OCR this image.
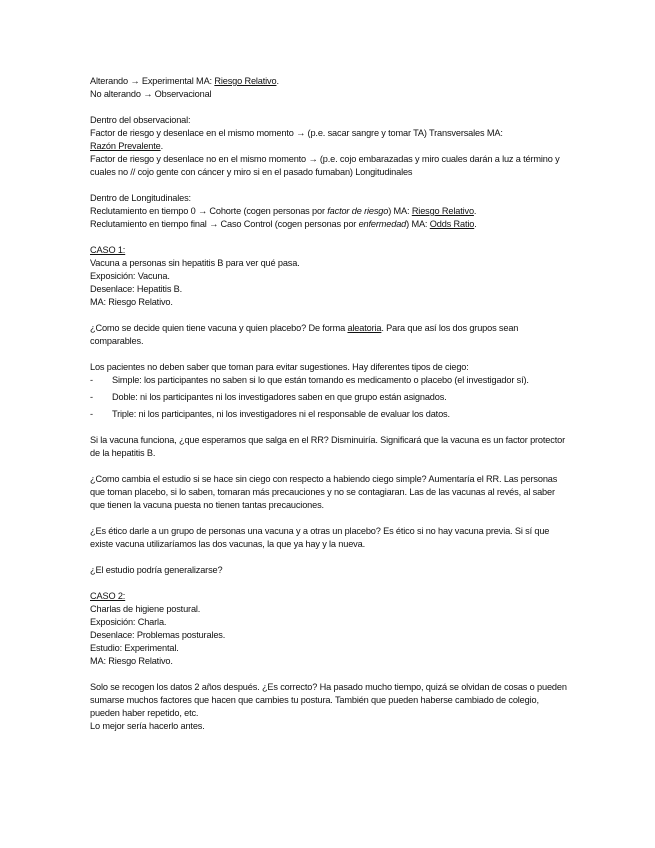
Alterando → Experimental MA: Riesgo Relativo.
No alterando → Observacional
Dentro del observacional:
Factor de riesgo y desenlace en el mismo momento → (p.e. sacar sangre y tomar TA) Transversales MA:
Razón Prevalente.
Factor de riesgo y desenlace no en el mismo momento → (p.e. cojo embarazadas y miro cuales darán a luz a término y cuales no // cojo gente con cáncer y miro si en el pasado fumaban) Longitudinales
Dentro de Longitudinales:
Reclutamiento en tiempo 0 → Cohorte (cogen personas por factor de riesgo) MA: Riesgo Relativo.
Reclutamiento en tiempo final → Caso Control (cogen personas por enfermedad) MA: Odds Ratio.
CASO 1:
Vacuna a personas sin hepatitis B para ver qué pasa.
Exposición: Vacuna.
Desenlace: Hepatitis B.
MA: Riesgo Relativo.
¿Como se decide quien tiene vacuna y quien placebo? De forma aleatoria. Para que así los dos grupos sean comparables.
Los pacientes no deben saber que toman para evitar sugestiones. Hay diferentes tipos de ciego:
- Simple: los participantes no saben si lo que están tomando es medicamento o placebo (el investigador sí).
- Doble: ni los participantes ni los investigadores saben en que grupo están asignados.
- Triple: ni los participantes, ni los investigadores ni el responsable de evaluar los datos.
Si la vacuna funciona, ¿que esperamos que salga en el RR? Disminuiría. Significará que la vacuna es un factor protector de la hepatitis B.
¿Como cambia el estudio si se hace sin ciego con respecto a habiendo ciego simple? Aumentaría el RR. Las personas que toman placebo, si lo saben, tomaran más precauciones y no se contagiaran. Las de las vacunas al revés, al saber que tienen la vacuna puesta no tienen tantas precauciones.
¿Es ético darle a un grupo de personas una vacuna y a otras un placebo? Es ético si no hay vacuna previa. Si sí que existe vacuna utilizaríamos las dos vacunas, la que ya hay y la nueva.
¿El estudio podría generalizarse?
CASO 2:
Charlas de higiene postural.
Exposición: Charla.
Desenlace: Problemas posturales.
Estudio: Experimental.
MA: Riesgo Relativo.
Solo se recogen los datos 2 años después. ¿Es correcto? Ha pasado mucho tiempo, quizá se olvidan de cosas o pueden sumarse muchos factores que hacen que cambies tu postura. También que pueden haberse cambiado de colegio, pueden haber repetido, etc.
Lo mejor sería hacerlo antes.
